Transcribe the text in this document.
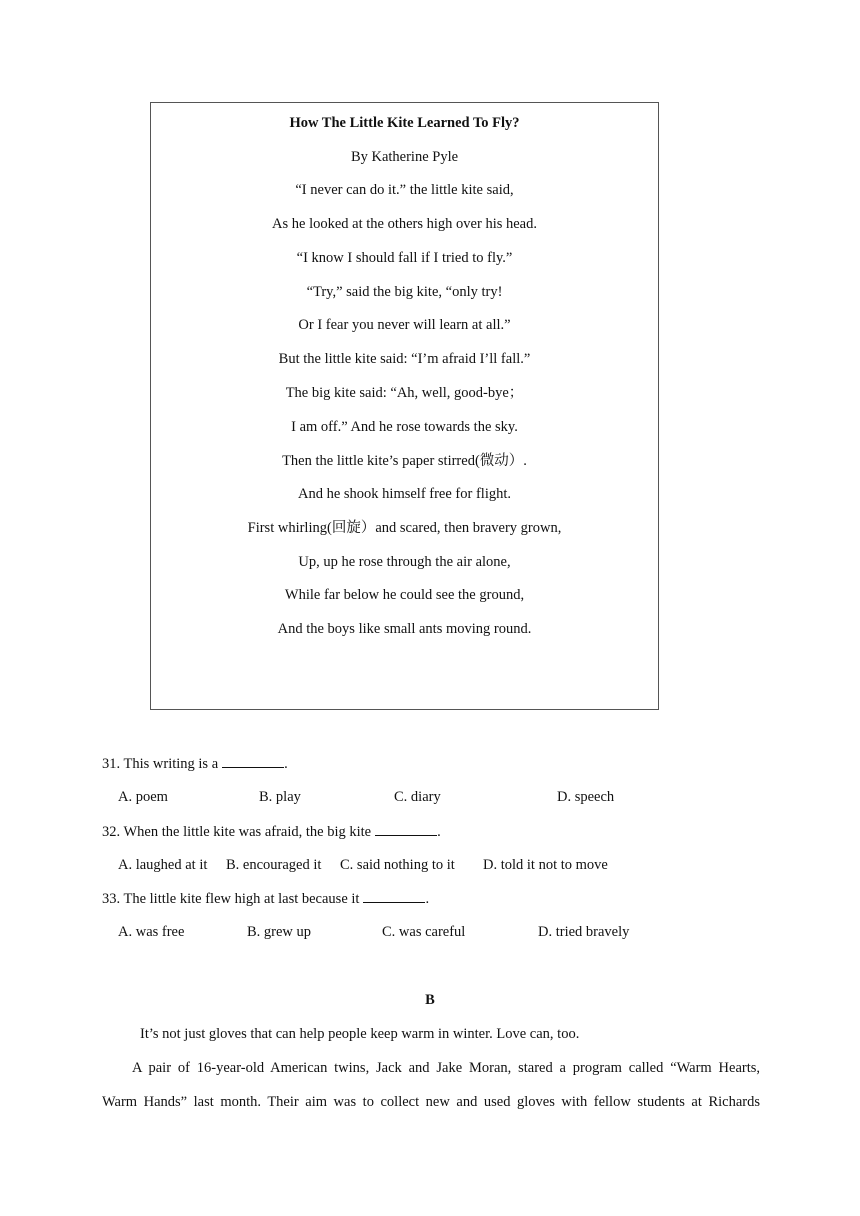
How The Little Kite Learned To Fly?
By Katherine Pyle
“I never can do it.” the little kite said,
As he looked at the others high over his head.
“I know I should fall if I tried to fly.”
“Try,” said the big kite, “only try!
Or I fear you never will learn at all.”
But the little kite said: “I’m afraid I’ll fall.”
The big kite said: “Ah, well, good-bye；
I am off.” And he rose towards the sky.
Then the little kite’s paper stirred(微动）.
And he shook himself free for flight.
First whirling(回旋）and scared, then bravery grown,
Up, up he rose through the air alone,
While far below he could see the ground,
And the boys like small ants moving round.
31. This writing is a	.
A. poem	B. play	C. diary	D. speech
32. When the little kite was afraid, the big kite	.
A. laughed at it B. encouraged it C. said nothing to it D. told it not to move
33. The little kite flew high at last because it	.
A. was free	B. grew up	C. was careful	D. tried bravely
B
It’s not just gloves that can help people keep warm in winter. Love can, too.
A pair of 16-year-old American twins, Jack and Jake Moran, stared a program called “Warm Hearts,
Warm Hands” last month. Their aim was to collect new and used gloves with fellow students at Richards
